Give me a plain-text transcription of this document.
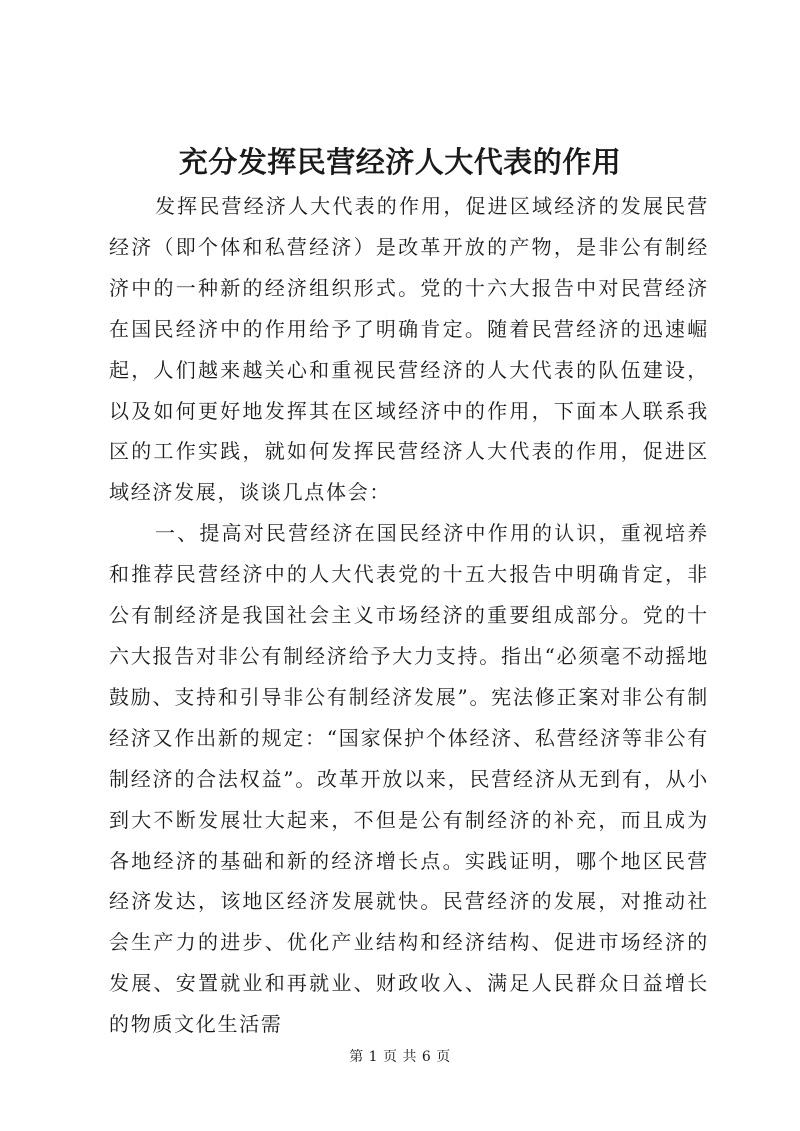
充分发挥民营经济人大代表的作用

发挥民营经济人大代表的作用，促进区域经济的发展民营经济（即个体和私营经济）是改革开放的产物，是非公有制经济中的一种新的经济组织形式。党的十六大报告中对民营经济在国民经济中的作用给予了明确肯定。随着民营经济的迅速崛起，人们越来越关心和重视民营经济的人大代表的队伍建设，以及如何更好地发挥其在区域经济中的作用，下面本人联系我区的工作实践，就如何发挥民营经济人大代表的作用，促进区域经济发展，谈谈几点体会：

一、提高对民营经济在国民经济中作用的认识，重视培养和推荐民营经济中的人大代表党的十五大报告中明确肯定，非公有制经济是我国社会主义市场经济的重要组成部分。党的十六大报告对非公有制经济给予大力支持。指出“必须毫不动摇地鼓励、支持和引导非公有制经济发展”。宪法修正案对非公有制经济又作出新的规定：“国家保护个体经济、私营经济等非公有制经济的合法权益”。改革开放以来，民营经济从无到有，从小到大不断发展壮大起来，不但是公有制经济的补充，而且成为各地经济的基础和新的经济增长点。实践证明，哪个地区民营经济发达，该地区经济发展就快。民营经济的发展，对推动社会生产力的进步、优化产业结构和经济结构、促进市场经济的发展、安置就业和再就业、财政收入、满足人民群众日益增长的物质文化生活需

第 1 页 共 6 页
